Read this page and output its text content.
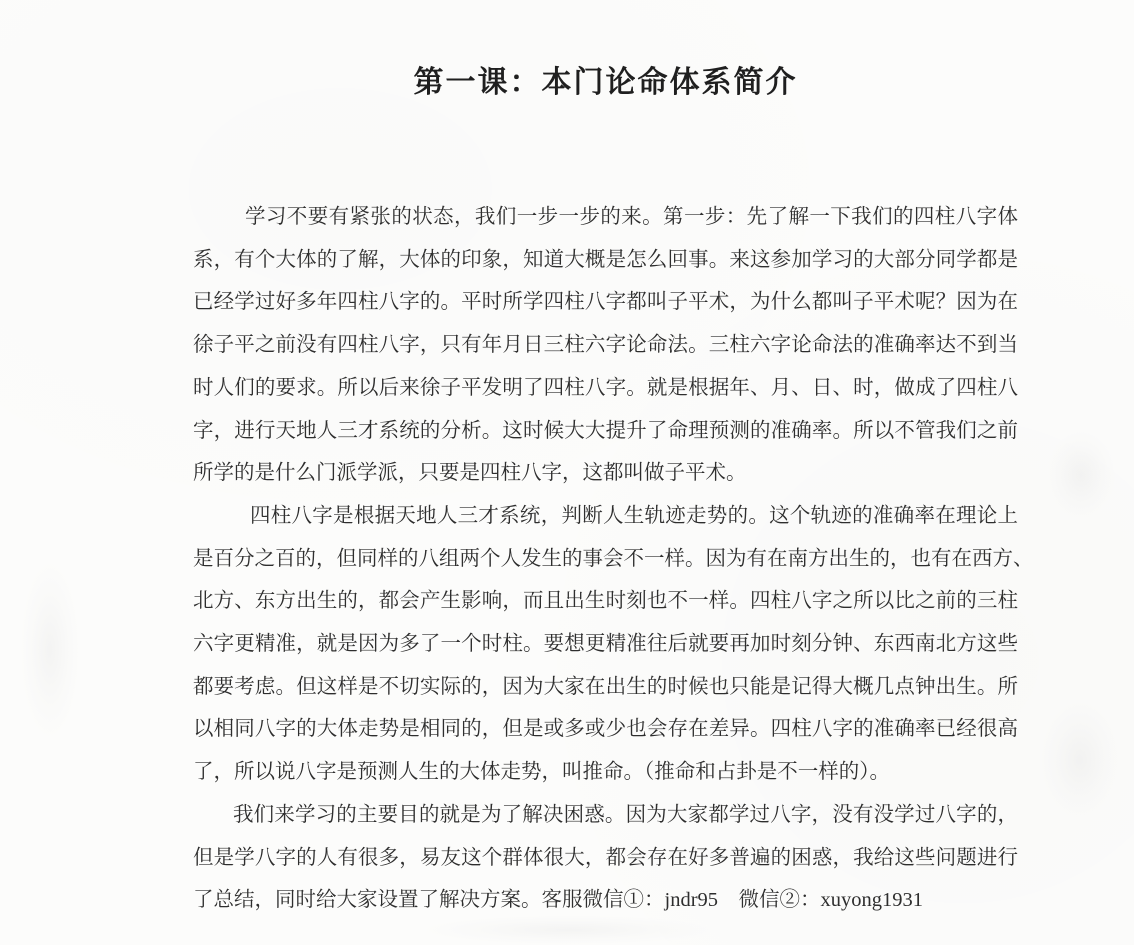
第一课：本门论命体系简介
学习不要有紧张的状态，我们一步一步的来。第一步：先了解一下我们的四柱八字体
系，有个大体的了解，大体的印象，知道大概是怎么回事。来这参加学习的大部分同学都是
已经学过好多年四柱八字的。平时所学四柱八字都叫子平术，为什么都叫子平术呢？因为在
徐子平之前没有四柱八字，只有年月日三柱六字论命法。三柱六字论命法的准确率达不到当
时人们的要求。所以后来徐子平发明了四柱八字。就是根据年、月、日、时，做成了四柱八
字，进行天地人三才系统的分析。这时候大大提升了命理预测的准确率。所以不管我们之前
所学的是什么门派学派，只要是四柱八字，这都叫做子平术。
四柱八字是根据天地人三才系统，判断人生轨迹走势的。这个轨迹的准确率在理论上
是百分之百的，但同样的八组两个人发生的事会不一样。因为有在南方出生的，也有在西方、
北方、东方出生的，都会产生影响，而且出生时刻也不一样。四柱八字之所以比之前的三柱
六字更精准，就是因为多了一个时柱。要想更精准往后就要再加时刻分钟、东西南北方这些
都要考虑。但这样是不切实际的，因为大家在出生的时候也只能是记得大概几点钟出生。所
以相同八字的大体走势是相同的，但是或多或少也会存在差异。四柱八字的准确率已经很高
了，所以说八字是预测人生的大体走势，叫推命。（推命和占卦是不一样的）。
我们来学习的主要目的就是为了解决困惑。因为大家都学过八字，没有没学过八字的，
但是学八字的人有很多，易友这个群体很大，都会存在好多普遍的困惑，我给这些问题进行
了总结，同时给大家设置了解决方案。客服微信①：jndr95　微信②：xuyong1931
